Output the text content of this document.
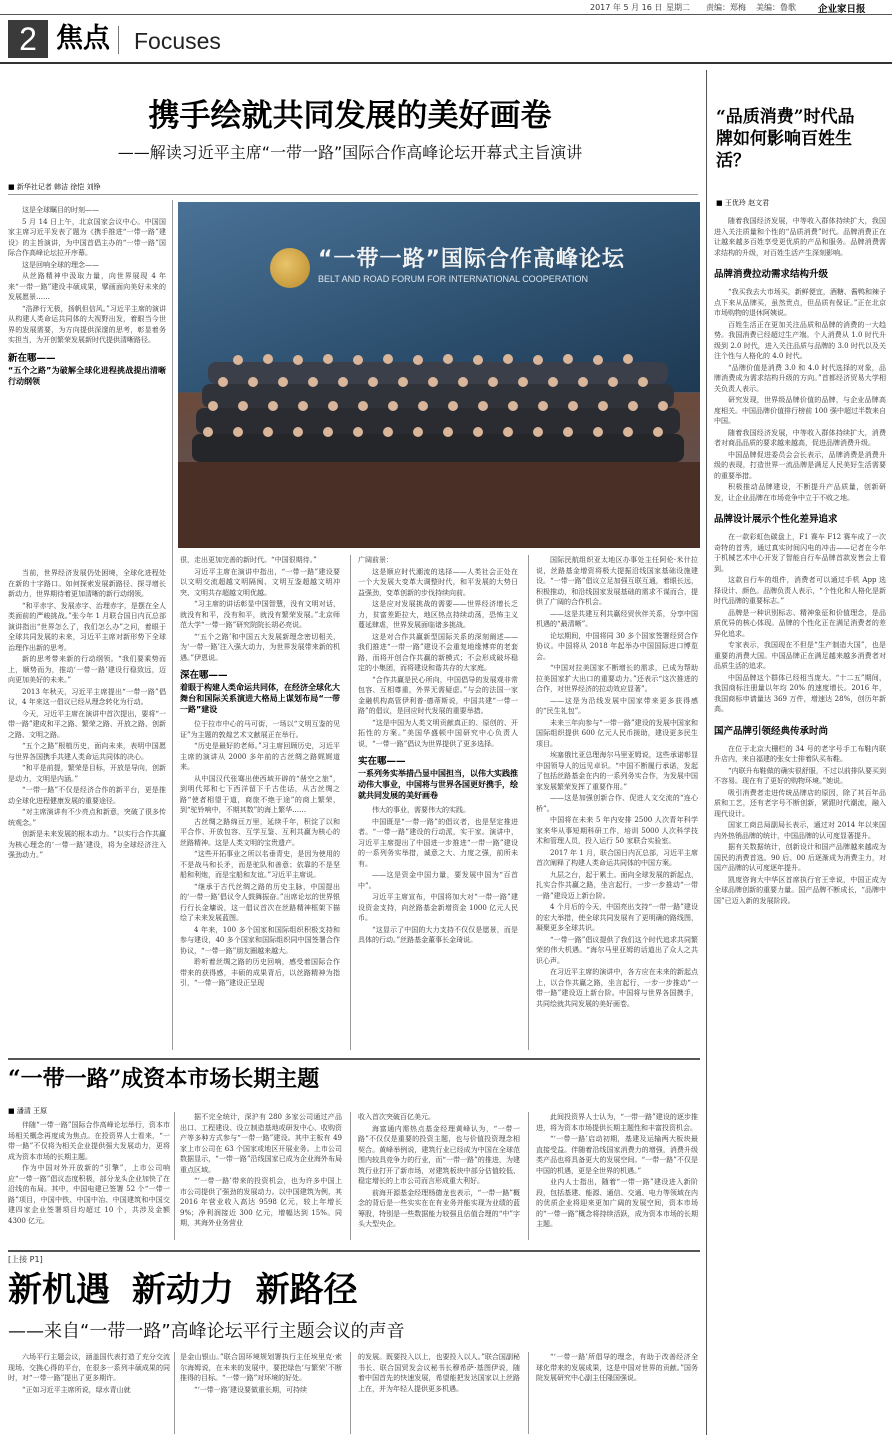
2017 年 5 月 16 日 星期二 责编：郑梅 美编：鲁歌 企业家日报
2 焦点 Focuses
携手绘就共同发展的美好画卷
——解读习近平主席“一带一路”国际合作高峰论坛开幕式主旨演讲
■ 新华社记者 韩洁 徐恺 刘铮

这是全球瞩目的时刻——

5 月 14 日上午，北京国家会议中心。中国国家主席习近平发表了题为《携手推进“一带一路”建设》的主旨演讲，为中国首倡主办的“一带一路”国际合作高峰论坛拉开序幕。

这是回响全球的理念——

从丝路精神中汲取力量，向世界展现 4 年来“一带一路”建设丰硕成果，擘画面向美好未来的发展愿景……

“浩渺行无极，扬帆但信风。”习近平主席的演讲从构建人类命运共同体的大视野出发，着眼当今世界的发展需要，为方向提供深邃的思考，彰显着务实担当，为开创繁荣发展新时代提供清晰路径。

新在哪——
“五个之路”为破解全球化进程挑战提出清晰行动纲领

当前，世界经济发展仍处困境，全球化进程处在新的十字路口。如何探索发展新路径、探寻增长新动力，世界期待着更加清晰的新行动纲领。

“和平赤字、发展赤字、治理赤字，是摆在全人类面前的严峻挑战。”张今年 1 月联合国日内瓦总部演讲指出“世界怎么了，我们怎么办”之问，着眼于全球共同发展的未来，习近平主席对新形势下全球治理作出新的思考。

新的思考带来新的行动纲领。“我们要乘势而上，顺势而为，推动‘一带一路’建设行稳致远，迈向更加美好的未来。”

2013 年秋天，习近平主席提出“一带一路”倡议，4 年来这一倡议已经从理念转化为行动。

今天，习近平主席在演讲中首次提出，要将“一带一路”建成和平之路、繁荣之路、开放之路、创新之路、文明之路。

“五个之路”根植历史，面向未来，表明中国愿与世界各国携手共建人类命运共同体的决心。

“和平是前提，繁荣是目标，开放是导向，创新是动力，文明是内涵。”

“一带一路”不仅是经济合作的新平台，更是推动全球化进程健康发展的重要途径。

“对主席演讲有不少亮点和新意，突破了很多传统观念。”

创新是未来发展的根本动力。“以实行合作共赢为核心理念的‘一带一路’建设，将为全球经济注入强劲动力。”

“一带一路”国际合作高峰论坛
BELT AND ROAD FORUM FOR INTERNATIONAL COOPERATION

很，走出更加完善的新时代。“中国很期待。”

习近平主席在演讲中指出，“一带一路”建设要以文明交流超越文明隔阂、文明互鉴超越文明冲突、文明共存超越文明优越。

“习主席的讲话彰显中国智慧，没有文明对话，就没有和平，没有和平，就没有繁荣发展。”北京师范大学“一带一路”研究院院长胡必亮说。

“‘五个之路’和中国五大发展新理念密切相关，为‘一带一路’注入强大动力，为世界发展带来新的机遇。”伊恩说。

深在哪——
着眼于构建人类命运共同体，在经济全球化大舞台和国际关系演进大格局上谋划布局“一带一路”建设

位于拉市中心的马可街，一场以“文明互鉴的见证”为主题的敦煌艺术文献展正在举行。

“历史是最好的老师。”习主席回顾历史，习近平主席的演讲从 2000 多年前的古丝绸之路娓娓道来。

从中国汉代张骞出使西域开辟的“凿空之旅”，到明代郑和七下西洋留下千古佳话，从古丝绸之路“使者相望于道，商旅不绝于途”的商上繁荣，到“驼铃响中，不期其数”的海上繁华……

古丝绸之路绵亘万里，延续千年，积淀了以和平合作、开放包容、互学互鉴、互利共赢为核心的丝路精神。这是人类文明的宝贵遗产。

“这些开拓事业之所以名垂青史，是因为使用的不是战马和长矛，而是驼队和善意；依靠的不是坚船和利炮，而是宝船和友谊。”习近平主席说。

“继承于古代丝绸之路的历史主脉，中国提出的‘一带一路’倡议令人鼓舞振奋。”出席论坛的世界银行行长金墉说，这一倡议首次在丝路精神框架下描绘了未来发展蓝图。

4 年来，100 多个国家和国际组织积极支持和参与建设，40 多个国家和国际组织同中国签署合作协议，“一带一路”朋友圈越来越大。

聆听着丝绸之路的历史回响，感受着国际合作带来的获得感，丰硕的成果背后，以丝路精神为指引，“一带一路”建设正呈现

广阔前景：

这是顺应时代潮流的选择——人类社会正处在一个大发展大变革大调整时代，和平发展的大势日益强劲，变革创新的步伐持续向前。

这是应对发展挑战的需要——世界经济增长乏力，贫富差距拉大，地区热点持续动荡，恐怖主义蔓延肆虐，世界发展面临诸多挑战。

这是对合作共赢新型国际关系的深刻阐述——我们推进“一带一路”建设不会重复地缘博弈的老套路，而将开创合作共赢的新模式；不会形成破坏稳定的小集团，而将建设和谐共存的大家庭。

“合作共赢是民心所向，中国倡导的发展观非常包容、互相尊重，外界无需疑虑。”与会的法国一家金融机构高管伊利普·德蒂斯说，中国共建“一带一路”的倡议，是回应时代发展的重要举措。

“这是中国为人类文明贡献真正的、原创的、开拓性的方案。”美国华盛顿中国研究中心负责人说，“一带一路”倡议为世界提供了更多选择。

实在哪——
一系列务实举措凸显中国担当，以伟大实践推动伟大事业，中国将与世界各国更好携手，绘就共同发展的美好画卷

伟大的事业，需要伟大的实践。

中国既是“一带一路”的倡议者，也是坚定推进者。“一带一路”建设的行动派，实干家。演讲中，习近平主席提出了中国进一步推进“一带一路”建设的一系列务实举措，诚意之大、力度之强，前所未有。

——这是资金中国力量，要发展中国为“百首中”。

习近平主席宣布，中国将加大对“一带一路”建设资金支持，向丝路基金新增资金 1000 亿元人民币。

“这显示了中国的大力支持不仅仅是愿景，而是具体的行动。”丝路基金董事长金琦说。

国际民航组织亚太地区办事处主任阿伦·米什拉说，丝路基金增资将极大提振沿线国家基础设施建设。“一带一路”倡议立足加强互联互通，着眼长远，积极推动，和沿线国家发展基础的需求不谋而合，提供了广阔的合作机会。

——这是共建互利共赢经贸伙伴关系，分享中国机遇的“最清晰”。

论坛期间，中国将同 30 多个国家签署经贸合作协议。中国将从 2018 年起举办中国国际进口博览会。

“中国对拉美国家不断增长的需求，已成为帮助拉美国家扩大出口的重要动力。”还表示“这次推进的合作，对世界经济的拉动效应显著”。

——这是为沿线发展中国家带来更多获得感的“民生礼包”。

未来三年向参与“一带一路”建设的发展中国家和国际组织提供 600 亿元人民币援助，建设更多民生项目。

埃塞俄比亚总理海尔马里亚姆说，这些承诺彰显中国领导人的远见卓识。“中国不断履行承诺，发起了包括丝路基金在内的一系列务实合作，为发展中国家发展繁荣发挥了重要作用。”

——这是加强创新合作、促进人文交流的“连心桥”。

中国将在未来 5 年内安排 2500 人次青年科学家来华从事短期科研工作，培训 5000 人次科学技术和管理人员，投入运行 50 家联合实验室。

2017 年 1 月，联合国日内瓦总部，习近平主席首次阐释了构建人类命运共同体的中国方案。

九层之台，起于累土。面向全球发展的新起点，扎实合作共赢之路，坐言起行，一步一步推动“一带一路”建设迈上新台阶。

4 个月后的今天，中国亮出支持“一带一路”建设的宏大举措，使全球共同发展有了更明确的路线图，凝聚更多全球共识。

“一带一路”倡议提供了我们这个时代追求共同繁荣的伟大机遇。“海尔马里亚姆的话道出了众人之共识心声。

在习近平主席的演讲中，各方应在未来的新起点上，以合作共赢之路，坐言起行，一步一步推动“一带一路”建设迈上新台阶。中国将与世界各国携手，共同绘就共同发展的美好画卷。

“品质消费”时代品牌如何影响百姓生活？
■ 王优玲 赵文君

随着我国经济发展，中等收入群体持续扩大，我国进入关注质量和个性的“品质消费”时代。品牌消费正在让越来越多百姓享受更优质的产品和服务。品牌消费需求结构的升级，对百姓生活产生深刻影响。

品牌消费拉动需求结构升级

“我买我去大市场买，新鲜便宜，酒糖、酱鸭和辣子点下来从品牌买，虽然贵点，但品质有保证。”正在北京市场购物的退休阿姨说。

百姓生活正在更加关注品质和品牌的消费的一大趋势。我国消费已经超过生产端。个人消费从 1.0 时代升级到 2.0 时代，进入关注品质与品牌的 3.0 时代以及关注个性与人格化的 4.0 时代。

“品牌价值是消费 3.0 和 4.0 时代选择的对象，品牌消费成为需求结构升级的方向。”首都经济贸易大学相关负责人表示。

研究发现，世界级品牌价值的品牌，与企业品牌高度相关。中国品牌价值排行榜前 100 强中超过半数来自中国。

随着我国经济发展，中等收入群体持续扩大，消费者对商品品质的要求越来越高，促进品牌消费升级。

中国品牌促进委员会会长表示，品牌消费是消费升级的表现，打造世界一流品牌是满足人民美好生活需要的重要举措。

积极推动品牌建设，不断提升产品质量，创新研发，让企业品牌在市场竞争中立于不败之地。

品牌设计展示个性化差异追求

在一款彩虹色碳盘上，F1 赛车 F12 赛车成了一次奇特的首秀，通过真实时间闪电的冲击——记者在今年于机械艺术中心开发了智能自行车品牌首款发售会上看到。

这款自行车的组件，消费者可以通过手机 App 选择设计、颜色。品牌负责人表示，“个性化和人格化是新时代品牌的重要标志。”

品牌是一种识别标志、精神象征和价值理念，是品质优异的核心体现。品牌的个性化正在满足消费者的差异化追求。

专家表示，我国现在不但是“生产制造大国”，也是重要的消费大国。中国品牌正在满足越来越多消费者对品质生活的追求。

中国品牌这个群体已经相当庞大。“十二五”期间，我国商标注册量以年均 20% 的速度增长。2016 年，我国商标申请量达 369 万件，增速达 28%，创历年新高。

国产品牌引领经典传承时尚

在位于北京大栅栏的 34 号的老字号手工布鞋内联升店内，来自福建的张女士排着队买布鞋。

“内联升布鞋做的确实很舒服，不过以前排队要买到不容易。现在有了更好的购物环境。”她说。

吸引消费者走进传统品牌店的原因，除了其百年品质和工艺，还有老字号不断创新，紧跟时代潮流，融入现代设计。

国家工商总局副局长表示，通过对 2014 年以来国内外热销品牌的统计，中国品牌的认可度显著提升。

据有关数据统计，创新设计和国产品牌越来越成为国民的消费首选。90 后、00 后逐渐成为消费主力，对国产品牌的认可度逐年提升。

凯度咨询大中华区首席执行官王幸说，中国正成为全球品牌创新的重要力量。国产品牌不断成长，“品牌中国”已迈入新的发展阶段。

“一带一路”成资本市场长期主题
■ 潘清 王原

伴随“一带一路”国际合作高峰论坛举行，资本市场相关概念再度成为焦点。在投资界人士看来，“一带一路”不仅将为相关企业提供强大发展动力，更将成为资本市场的长期主题。

作为中国对外开放新的“引擎”，上市公司响应“一带一路”倡议态度积极，部分龙头企业加快了在沿线的布局。其中，中国电建已签署 52 个“一带一路”项目，中国中铁、中国中冶、中国建筑和中国交建四家企业签署项目均超过 10 个，共涉及金额 4300 亿元。

据不完全统计，深沪有 280 多家公司通过产品出口、工程建设、设立制造基地或研发中心、收购资产等多种方式参与“一带一路”建设。其中主板有 49 家上市公司在 63 个国家或地区开展业务。上市公司数据显示，“一带一路”沿线国家已成为企业海外布局重点区域。

“‘一带一路’带来的投资机会，也为许多中国上市公司提供了强劲的发展动力。以中国建筑为例，其 2016 年营业收入高达 9598 亿元，较上年增长 9%；净利润接近 300 亿元，增幅达到 15%。同期，其海外业务营业

收入首次突破百亿美元。

海富通内需热点基金经理黄峰认为，“一带一路”不仅仅是重要的投资主题，也与价值投资理念相契合。黄峰举例说，建筑行业已经成为中国在全球范围内较具竞争力的行业，而“一带一路”的推进，为建筑行业打开了新市场，对建筑板块中部分估值较低、稳定增长的上市公司而言形成重大利好。

前海开源基金经理杨德龙也表示，“一带一路”概念的背后是一些实实在在有业务并能实现为业绩的蓝筹股，特别是一些数据能力较强且估值合理的“中”字头大型央企。

此间投资界人士认为，“一带一路”建设的逐步推进，将为资本市场提供长期主题性和丰富投资机会。

“‘一带一路’启动初期，基建及运输两大板块最直接受益。伴随着沿线国家消费力的增强，消费升级类产品也将具备更大的发展空间。“一带一路”不仅是中国的机遇，更是全世界的机遇。”

业内人士指出，随着“一带一路”建设进入新阶段，包括基建、能源、通信、交通、电力等领域在内的优质企业将迎来更加广阔的发展空间，资本市场的“一带一路”概念将持续活跃，成为资本市场的长期主题。

[上接 P1]
新机遇 新动力 新路径
——来自“一带一路”高峰论坛平行主题会议的声音

六场平行主题会议，涵盖国代表打造了充分交流现场、交换心得的平台，在很多一系列丰硕成果的同时，对“一带一路”提出了更多期许。

“正如习近平主席所说，绿水青山就

是金山银山。”联合国环境规划署执行主任埃里克·索尔海姆说，在未来的发展中，要把绿色‘与繁荣’不断推得的目标。“一带一路”对环境的好处。

“‘一带一路’建设要做重长期，可持续

的发展。既要投入以上，也要投入以人。”联合国副秘书长、联合国贸发会议秘书长穆希萨·基图伊说，随着中国首先的快速发展，希望能把发达国家以上丝路上在，并为年轻人提供更多机遇。

“‘一带一路’所倡导的理念，有助于改善经济全球化带来的发展成果，这是中国对世界的贡献。”国务院发展研究中心副主任隆国强说。
